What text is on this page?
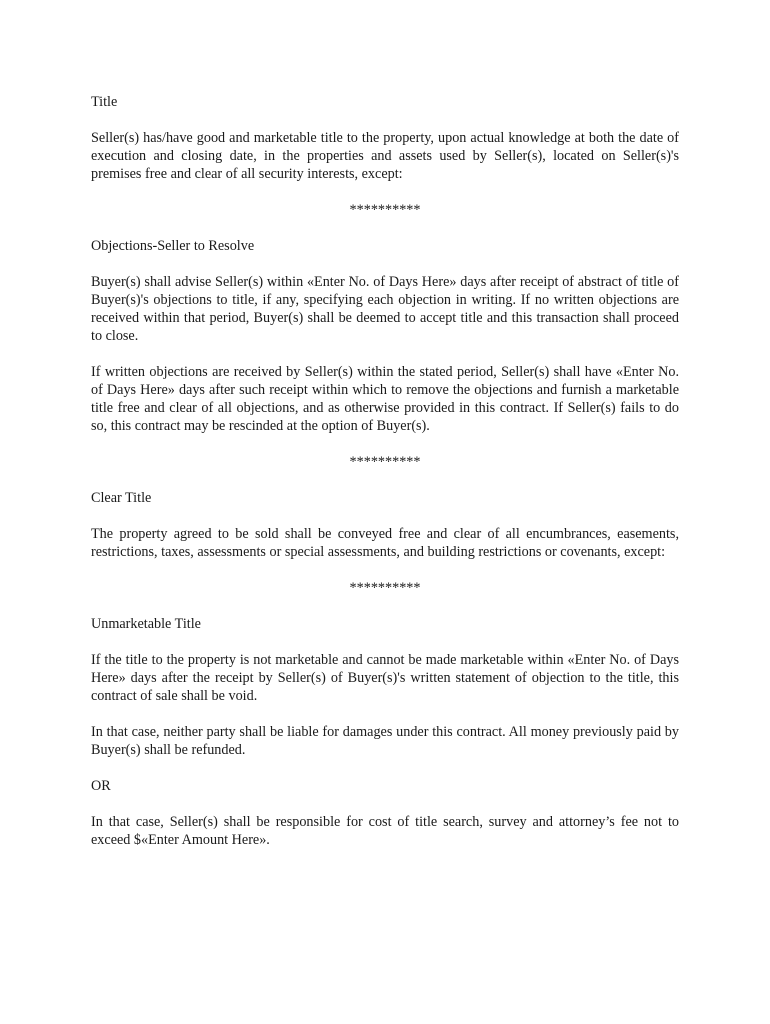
Title

Seller(s) has/have good and marketable title to the property, upon actual knowledge at both the date of execution and closing date, in the properties and assets used by Seller(s), located on Seller(s)'s premises free and clear of all security interests, except:

**********

Objections-Seller to Resolve

Buyer(s) shall advise Seller(s) within «Enter No. of Days Here» days after receipt of abstract of title of Buyer(s)'s objections to title, if any, specifying each objection in writing. If no written objections are received within that period, Buyer(s) shall be deemed to accept title and this transaction shall proceed to close.

If written objections are received by Seller(s) within the stated period, Seller(s) shall have «Enter No. of Days Here» days after such receipt within which to remove the objections and furnish a marketable title free and clear of all objections, and as otherwise provided in this contract. If Seller(s) fails to do so, this contract may be rescinded at the option of Buyer(s).

**********

Clear Title

The property agreed to be sold shall be conveyed free and clear of all encumbrances, easements, restrictions, taxes, assessments or special assessments, and building restrictions or covenants, except:

**********

Unmarketable Title

If the title to the property is not marketable and cannot be made marketable within «Enter No. of Days Here» days after the receipt by Seller(s) of Buyer(s)'s written statement of objection to the title, this contract of sale shall be void.

In that case, neither party shall be liable for damages under this contract. All money previously paid by Buyer(s) shall be refunded.

OR

In that case, Seller(s) shall be responsible for cost of title search, survey and attorney’s fee not to exceed $«Enter Amount Here».
